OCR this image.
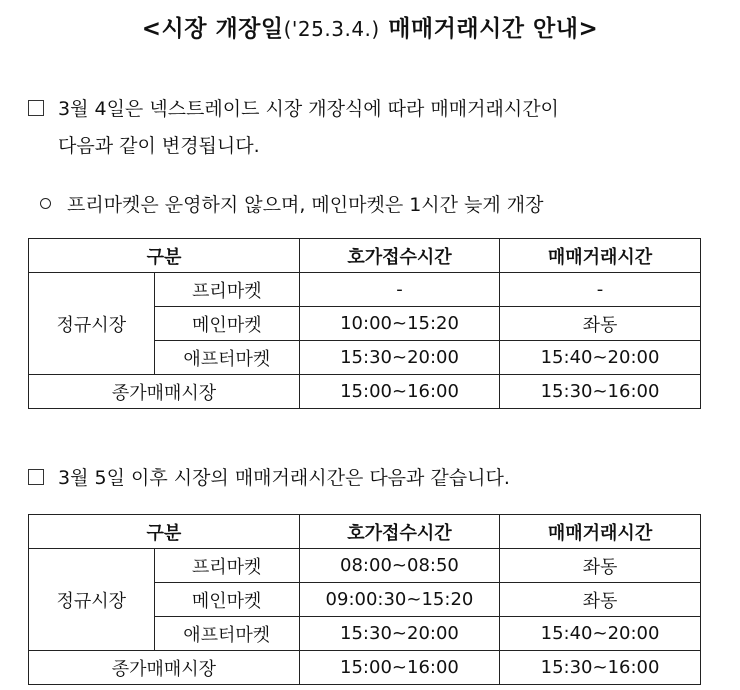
<시장 개장일('25.3.4.) 매매거래시간 안내>
3월 4일은 넥스트레이드 시장 개장식에 따라 매매거래시간이
다음과 같이 변경됩니다.
프리마켓은 운영하지 않으며, 메인마켓은 1시간 늦게 개장
구분		호가접수시간	매매거래시간
정규시장	프리마켓	-	-
	메인마켓	10:00~15:20	좌동
	애프터마켓	15:30~20:00	15:40~20:00
종가매매시장		15:00~16:00	15:30~16:00
3월 5일 이후 시장의 매매거래시간은 다음과 같습니다.
구분		호가접수시간	매매거래시간
정규시장	프리마켓	08:00~08:50	좌동
	메인마켓	09:00:30~15:20	좌동
	애프터마켓	15:30~20:00	15:40~20:00
종가매매시장		15:00~16:00	15:30~16:00
